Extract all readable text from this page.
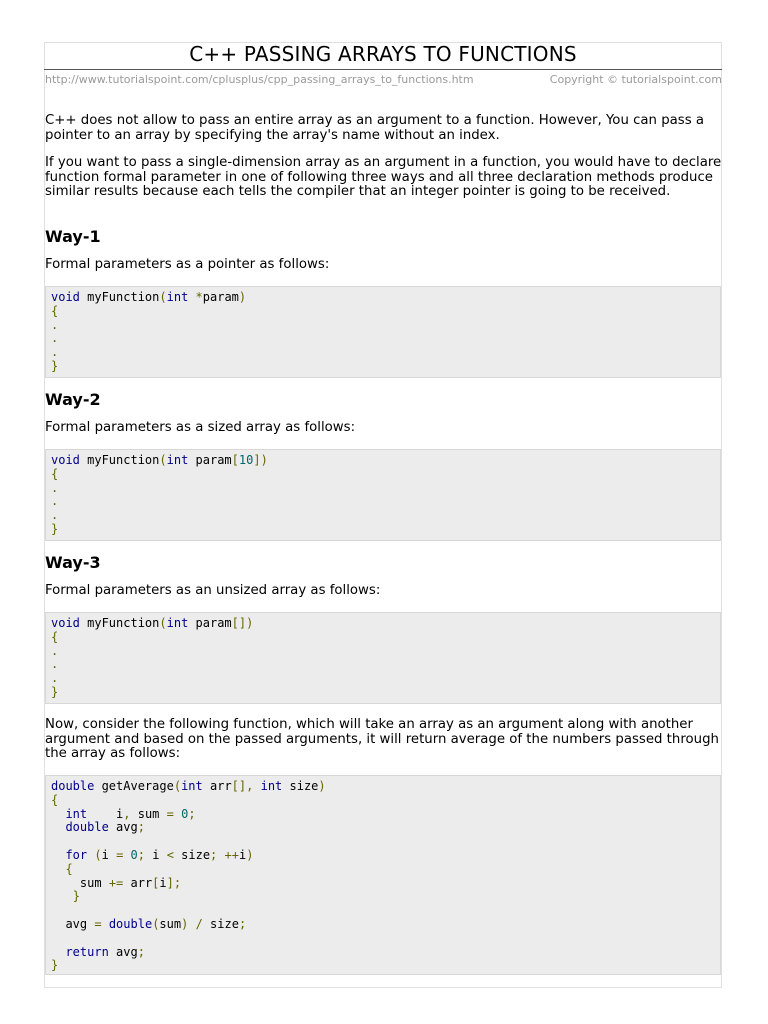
C++ PASSING ARRAYS TO FUNCTIONS
http://www.tutorialspoint.com/cplusplus/cpp_passing_arrays_to_functions.htm	Copyright © tutorialspoint.com

C++ does not allow to pass an entire array as an argument to a function. However, You can pass a pointer to an array by specifying the array's name without an index.

If you want to pass a single-dimension array as an argument in a function, you would have to declare function formal parameter in one of following three ways and all three declaration methods produce similar results because each tells the compiler that an integer pointer is going to be received.

Way-1

Formal parameters as a pointer as follows:

void myFunction(int *param)
{
.
.
.
}
Way-2

Formal parameters as a sized array as follows:

void myFunction(int param[10])
{
.
.
.
}
Way-3

Formal parameters as an unsized array as follows:

void myFunction(int param[])
{
.
.
.
}

Now, consider the following function, which will take an array as an argument along with another argument and based on the passed arguments, it will return average of the numbers passed through the array as follows:

double getAverage(int arr[], int size)
{
int    i, sum = 0;
double avg;

for (i = 0; i < size; ++i)
{
sum += arr[i];
}

avg = double(sum) / size;

return avg;
}
